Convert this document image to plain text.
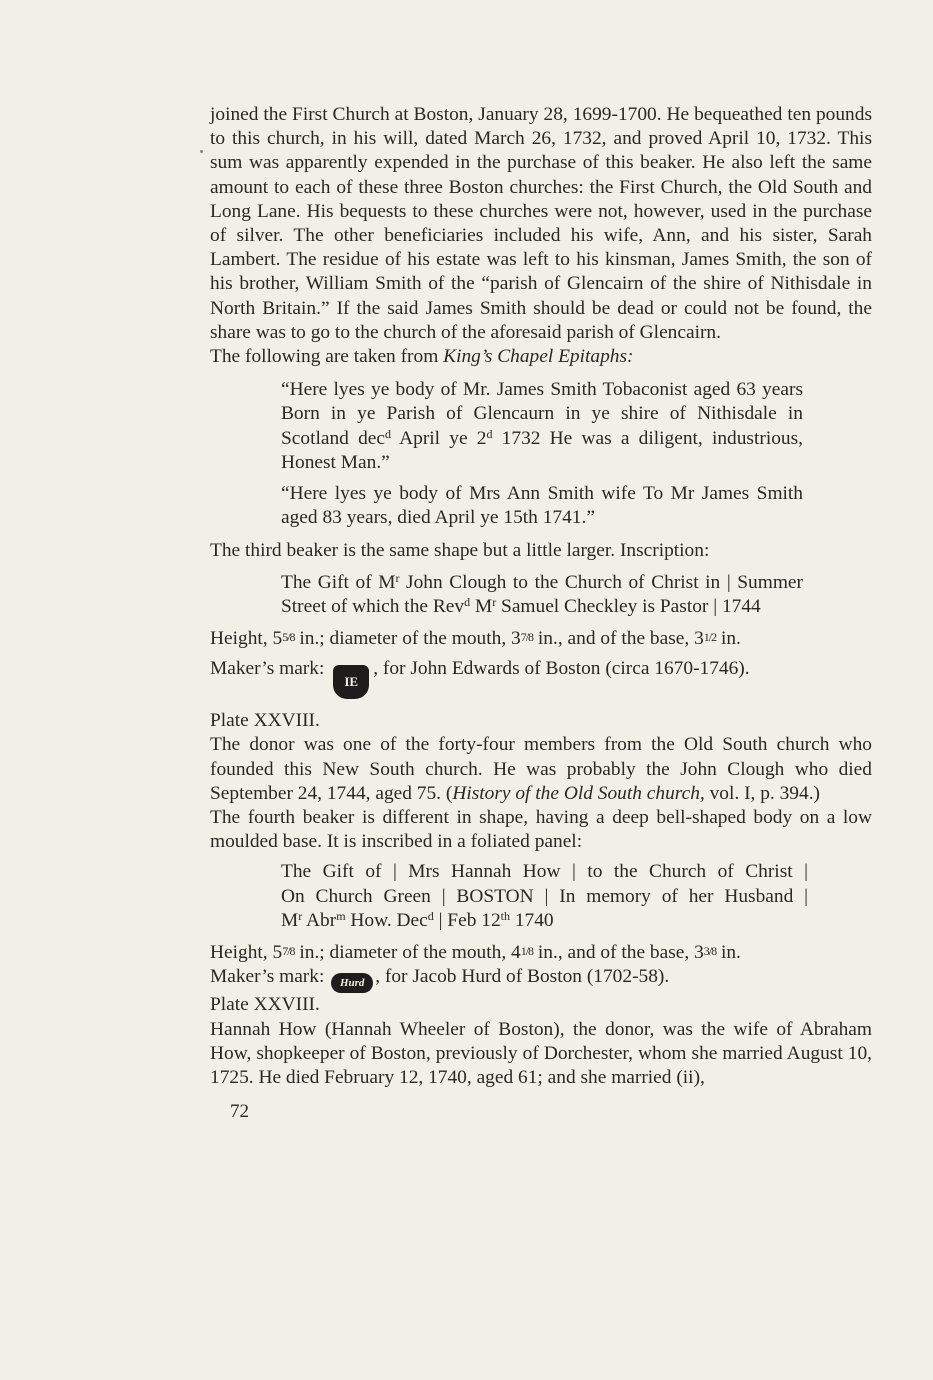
joined the First Church at Boston, January 28, 1699-1700. He bequeathed ten pounds to this church, in his will, dated March 26, 1732, and proved April 10, 1732. This sum was apparently expended in the purchase of this beaker. He also left the same amount to each of these three Boston churches: the First Church, the Old South and Long Lane. His bequests to these churches were not, however, used in the purchase of silver. The other beneficiaries included his wife, Ann, and his sister, Sarah Lambert. The residue of his estate was left to his kinsman, James Smith, the son of his brother, William Smith of the “parish of Glencairn of the shire of Nithisdale in North Britain.” If the said James Smith should be dead or could not be found, the share was to go to the church of the aforesaid parish of Glencairn.

The following are taken from King’s Chapel Epitaphs:

“Here lyes ye body of Mr. James Smith Tobaconist aged 63 years Born in ye Parish of Glencaurn in ye shire of Nithisdale in Scotland dec$^d$ April ye 2$^d$ 1732 He was a diligent, industrious, Honest Man.”

“Here lyes ye body of Mrs Ann Smith wife To Mr James Smith aged 83 years, died April ye 15th 1741.”

The third beaker is the same shape but a little larger. Inscription:

The Gift of $M^r$ John Clough to the Church of Christ in | Summer Street of which the Rev$^d$ $M^r$ Samuel Checkley is Pastor | 1744

Height, 55/8 in.; diameter of the mouth, 37/8 in., and of the base, 31/2 in.

Maker’s mark: IE, for John Edwards of Boston (circa 1670-1746).

Plate XXVIII.

The donor was one of the forty-four members from the Old South church who founded this New South church. He was probably the John Clough who died September 24, 1744, aged 75. (History of the Old South church, vol. I, p. 394.)

The fourth beaker is different in shape, having a deep bell-shaped body on a low moulded base. It is inscribed in a foliated panel:

The Gift of | Mrs Hannah How | to the Church of Christ |

On Church Green | BOSTON | In memory of her Husband |

$M^r$ Abr$^m$ How. Dec$^d$ | Feb 12th 1740

Height, 57/8 in.; diameter of the mouth, 41/8 in., and of the base, 33/8 in.

Maker’s mark: Hurd , for Jacob Hurd of Boston (1702-58).

Plate XXVIII.

Hannah How (Hannah Wheeler of Boston), the donor, was the wife of Abraham How, shopkeeper of Boston, previously of Dorchester, whom she married August 10, 1725. He died February 12, 1740, aged 61; and she married (ii),

72
